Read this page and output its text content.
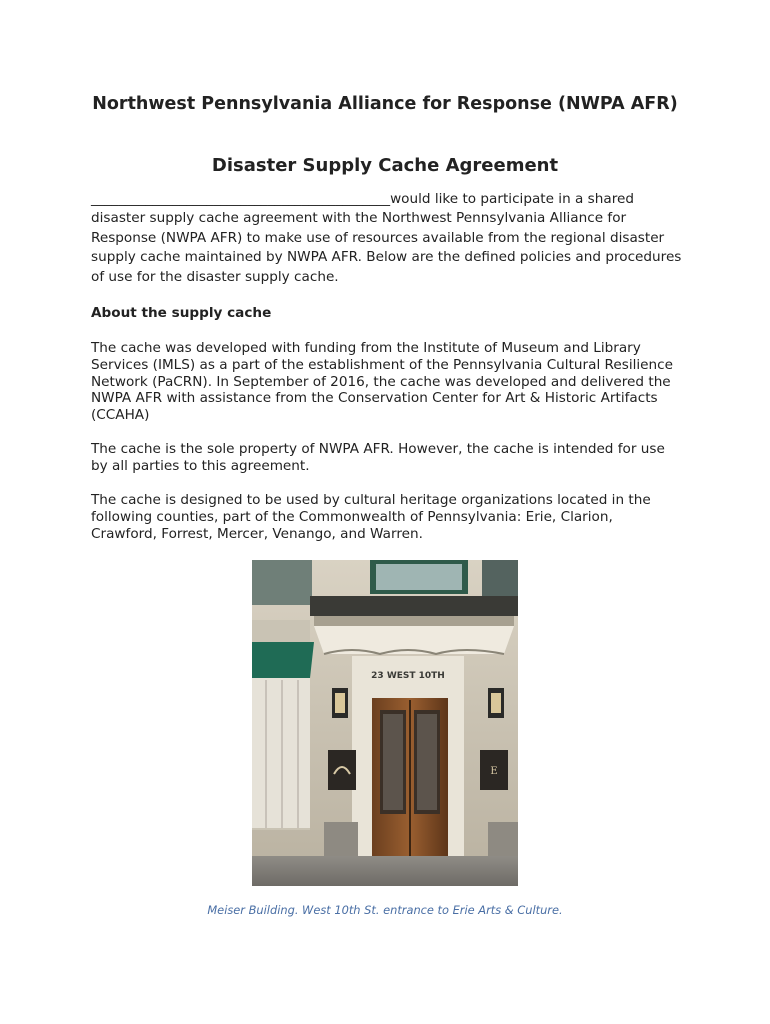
Northwest Pennsylvania Alliance for Response (NWPA AFR)
Disaster Supply Cache Agreement
____________________________________________would like to participate in a shared disaster supply cache agreement with the Northwest Pennsylvania Alliance for Response (NWPA AFR) to make use of resources available from the regional disaster supply cache maintained by NWPA AFR. Below are the defined policies and procedures of use for the disaster supply cache.
About the supply cache

The cache was developed with funding from the Institute of Museum and Library Services (IMLS) as a part of the establishment of the Pennsylvania Cultural Resilience Network (PaCRN). In September of 2016, the cache was developed and delivered the NWPA AFR with assistance from the Conservation Center for Art & Historic Artifacts (CCAHA)

The cache is the sole property of NWPA AFR. However, the cache is intended for use by all parties to this agreement.

The cache is designed to be used by cultural heritage organizations located in the following counties, part of the Commonwealth of Pennsylvania: Erie, Clarion, Crawford, Forrest, Mercer, Venango, and Warren.

23 WEST 10TH
E
Meiser Building. West 10th St. entrance to Erie Arts & Culture.
